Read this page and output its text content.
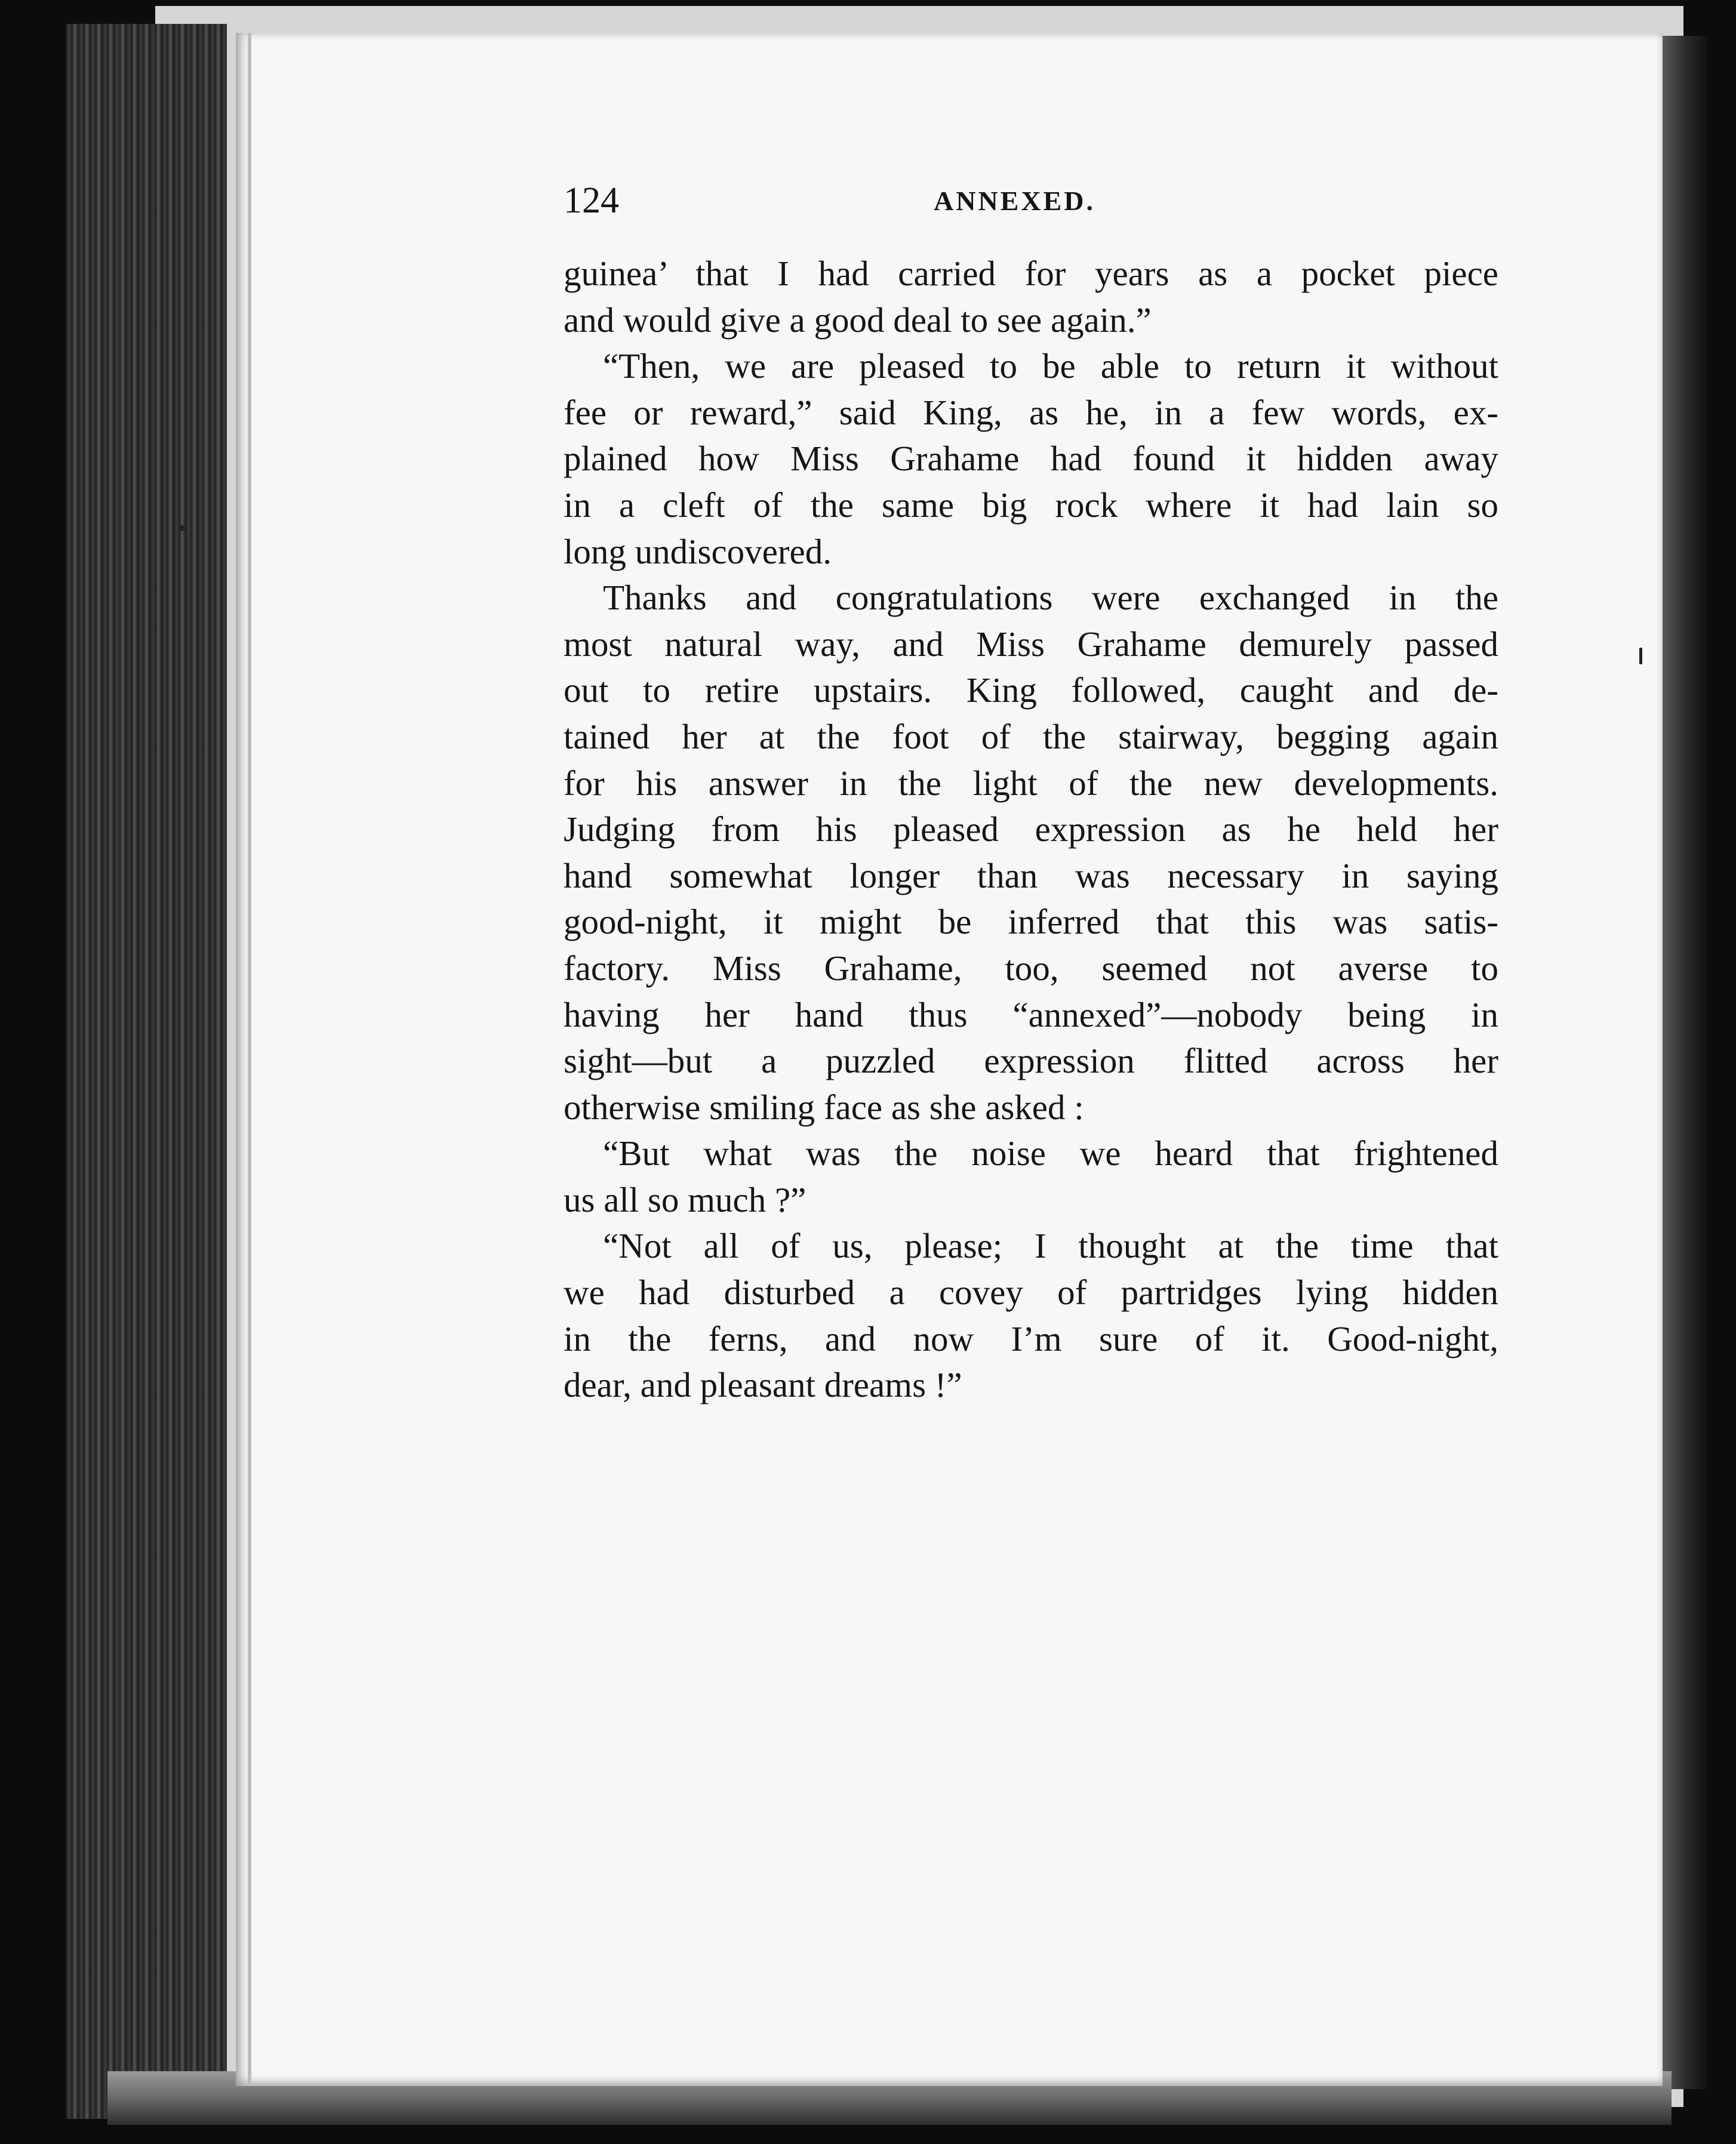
124	ANNEXED.

guinea’ that I had carried for years as a pocket piece
and would give a good deal to see again.”

“Then, we are pleased to be able to return it without
fee or reward,” said King, as he, in a few words, ex-
plained how Miss Grahame had found it hidden away
in a cleft of the same big rock where it had lain so
long undiscovered.

Thanks and congratulations were exchanged in the
most natural way, and Miss Grahame demurely passed
out to retire upstairs. King followed, caught and de-
tained her at the foot of the stairway, begging again
for his answer in the light of the new developments.
Judging from his pleased expression as he held her
hand somewhat longer than was necessary in saying
good-night, it might be inferred that this was satis-
factory. Miss Grahame, too, seemed not averse to
having her hand thus “annexed”—nobody being in
sight—but a puzzled expression flitted across her
otherwise smiling face as she asked :

“But what was the noise we heard that frightened
us all so much ?”

“Not all of us, please; I thought at the time that
we had disturbed a covey of partridges lying hidden
in the ferns, and now I’m sure of it. Good-night,
dear, and pleasant dreams !”
